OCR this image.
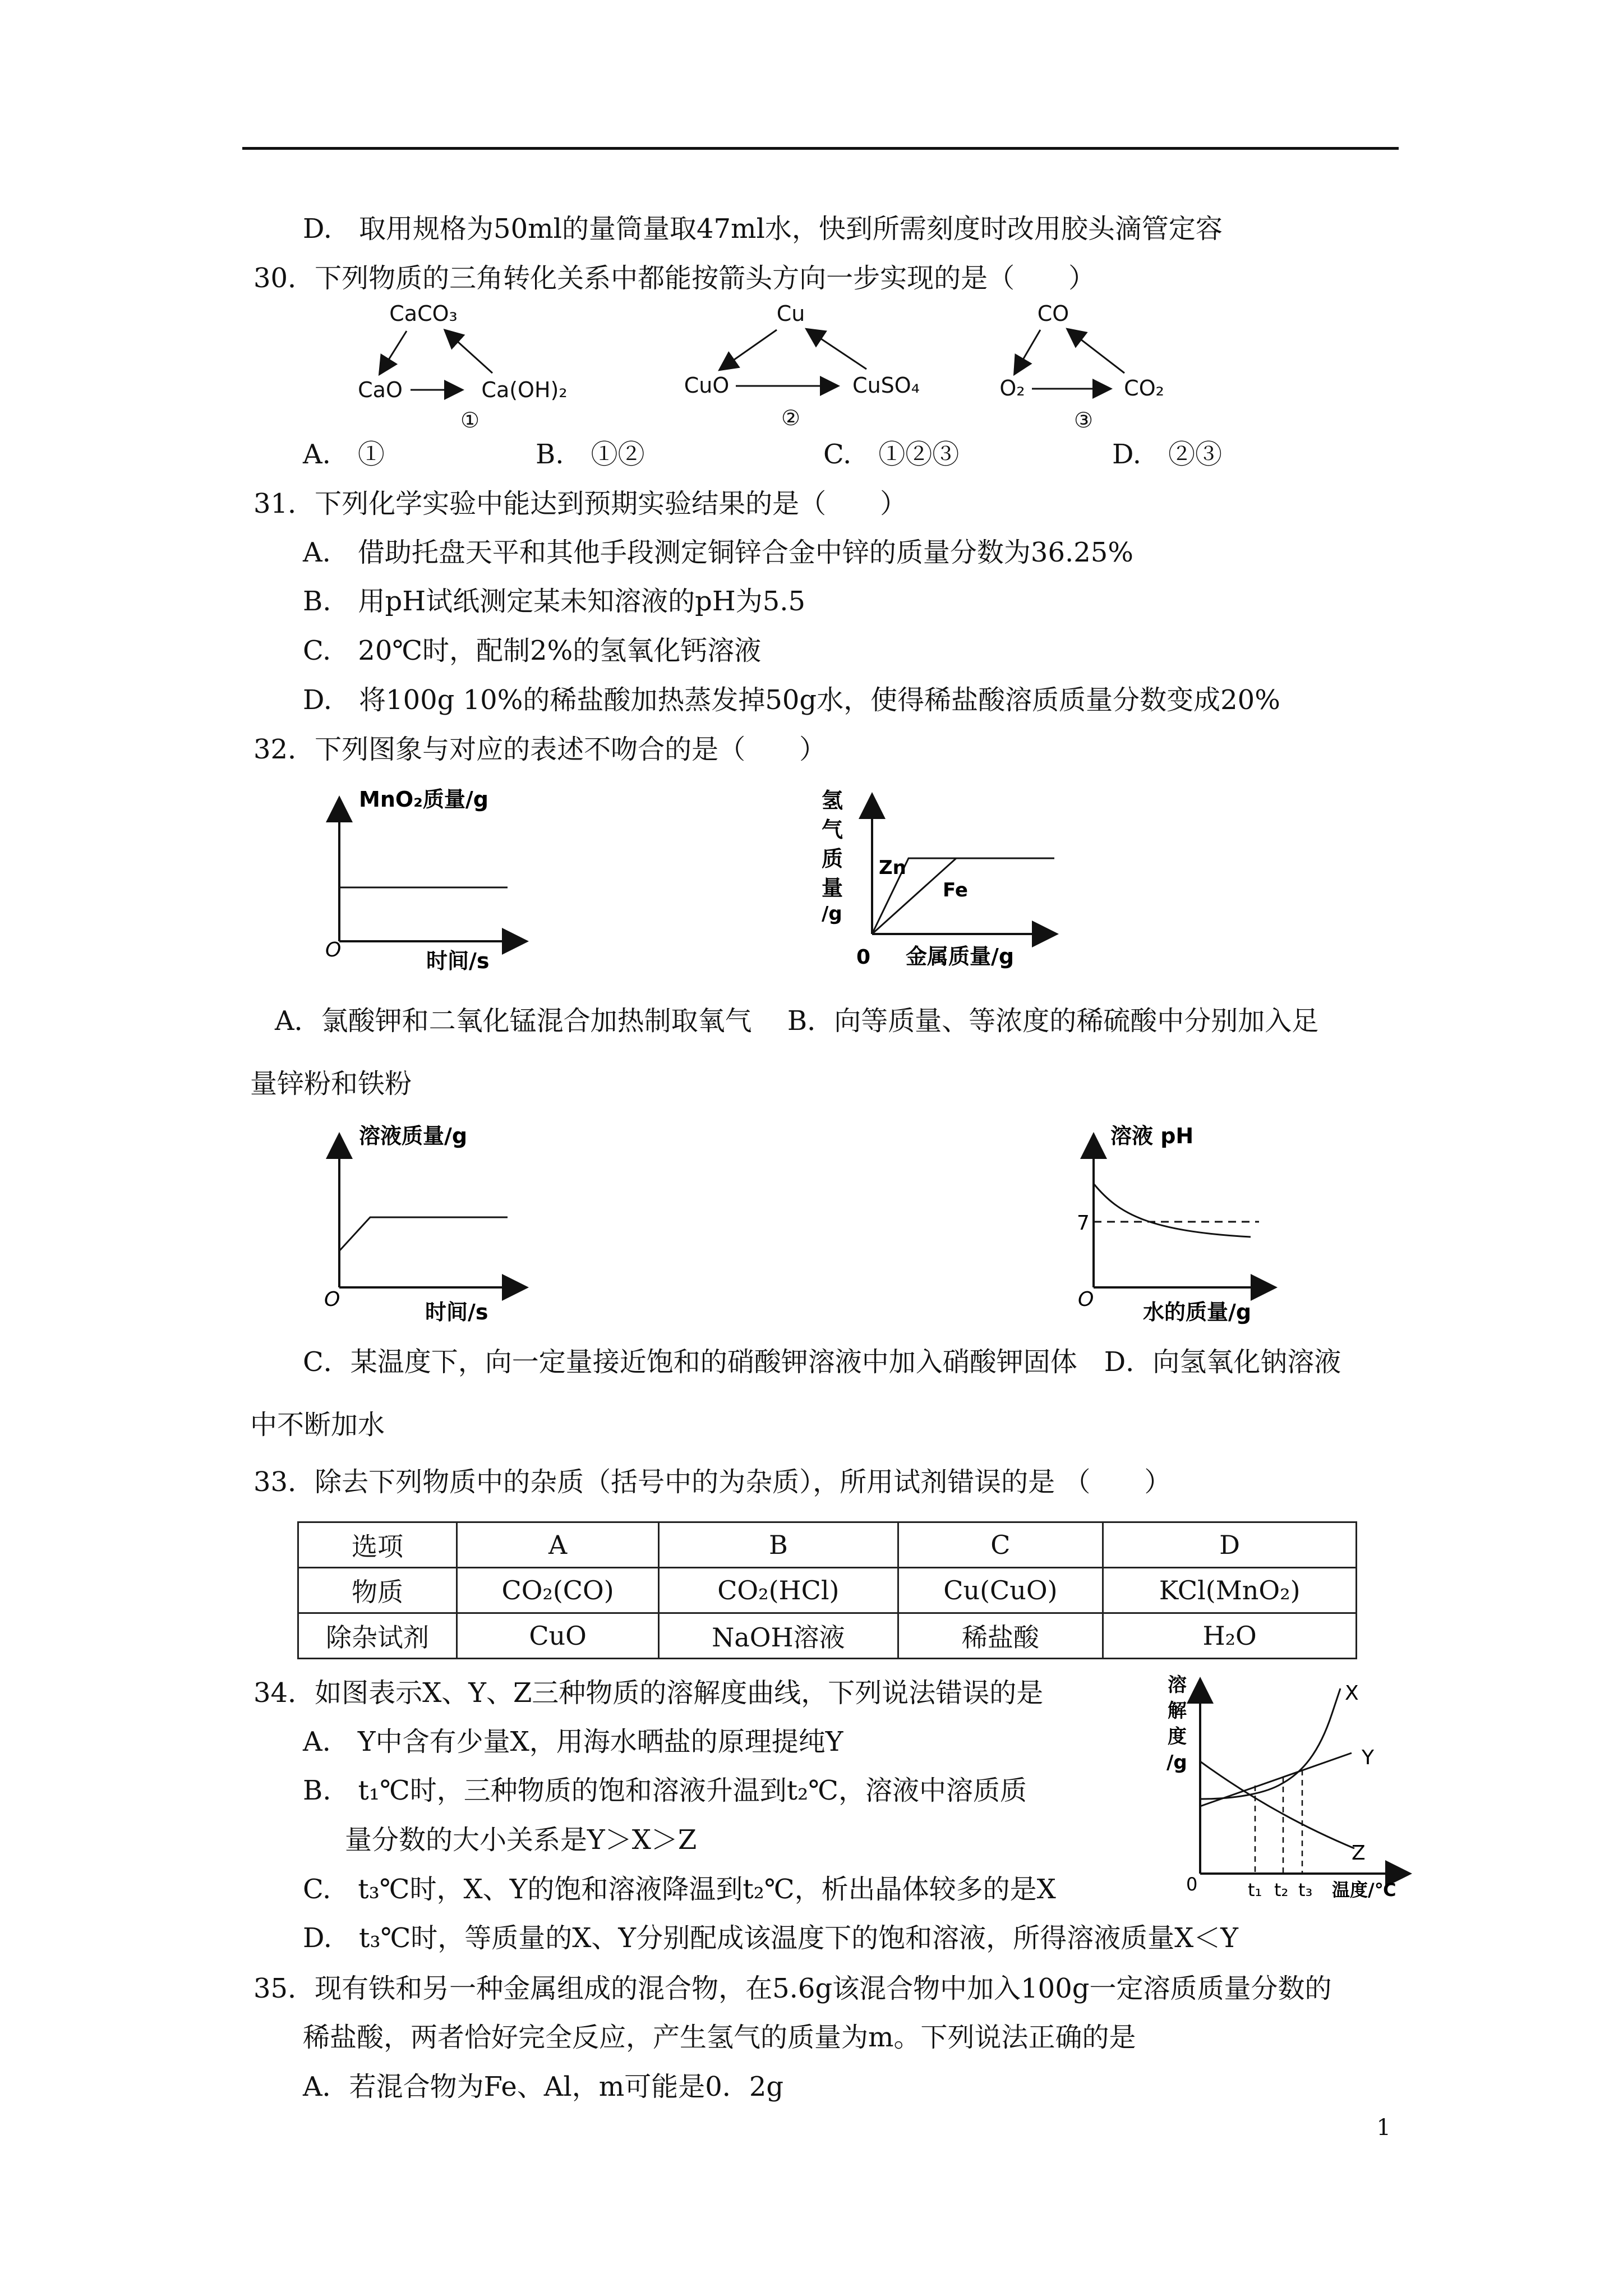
D.　取用规格为50ml的量筒量取47ml水，快到所需刻度时改用胶头滴管定容
30．下列物质的三角转化关系中都能按箭头方向一步实现的是（　　）
CaCO₃
CaO	Ca(OH)₂
①
Cu
CuO	CuSO₄
②
CO
O₂	CO₂
③
A.　①	B.　①②	C.　①②③	D.　②③
31．下列化学实验中能达到预期实验结果的是（　　）
A.　借助托盘天平和其他手段测定铜锌合金中锌的质量分数为36.25%
B.　用pH试纸测定某未知溶液的pH为5.5
C.　20℃时，配制2%的氢氧化钙溶液
D.　将100g 10%的稀盐酸加热蒸发掉50g水，使得稀盐酸溶质质量分数变成20%
32．下列图象与对应的表述不吻合的是（　　）
MnO₂质量/g
时间/s
O
氢
气
质
量
/g
Zn
Fe
0 金属质量/g
A．氯酸钾和二氧化锰混合加热制取氧气　 B．向等质量、等浓度的稀硫酸中分别加入足
量锌粉和铁粉
溶液质量/g
时间/s
O
溶液 pH
7
水的质量/g
O
C．某温度下，向一定量接近饱和的硝酸钾溶液中加入硝酸钾固体　D．向氢氧化钠溶液
中不断加水
33．除去下列物质中的杂质（括号中的为杂质），所用试剂错误的是 （　　）
选项	A	B	C	D
物质	CO₂(CO)	CO₂(HCl)	Cu(CuO)	KCl(MnO₂)
除杂试剂	CuO	NaOH溶液	稀盐酸	H₂O
34．如图表示X、Y、Z三种物质的溶解度曲线，下列说法错误的是
A.　Y中含有少量X，用海水晒盐的原理提纯Y
B.　t₁℃时，三种物质的饱和溶液升温到t₂℃，溶液中溶质质
量分数的大小关系是Y＞X＞Z
C.　t₃℃时，X、Y的饱和溶液降温到t₂℃，析出晶体较多的是X
D.　t₃℃时，等质量的X、Y分别配成该温度下的饱和溶液，所得溶液质量X＜Y
溶
解
度
/g
X
Y
Z
0	t₁ t₂ t₃ 温度/℃
35．现有铁和另一种金属组成的混合物，在5.6g该混合物中加入100g一定溶质质量分数的
稀盐酸，两者恰好完全反应，产生氢气的质量为m。下列说法正确的是
A．若混合物为Fe、Al，m可能是0．2g
1
